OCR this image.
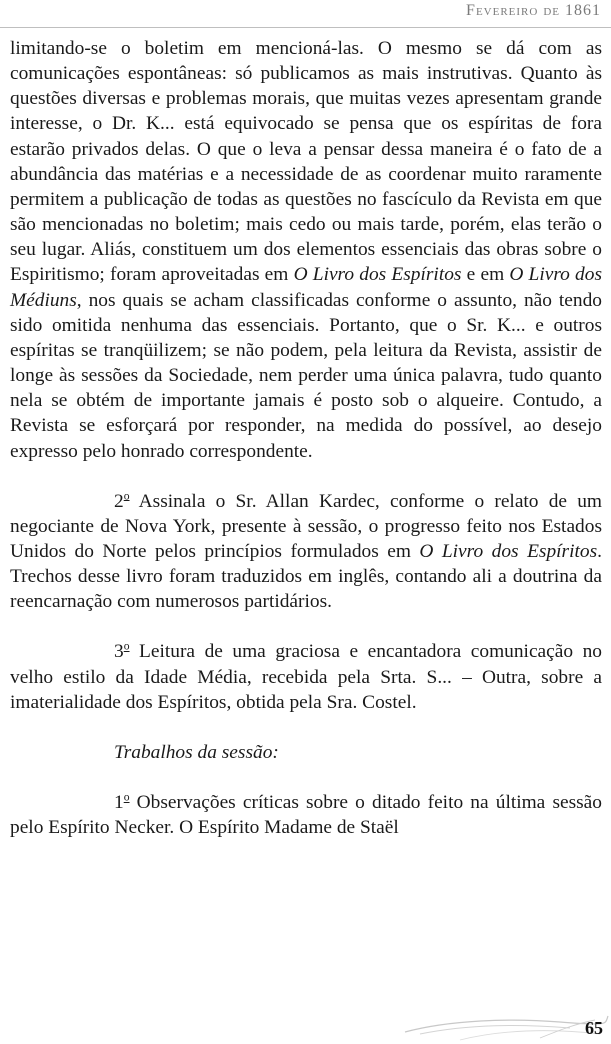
Fevereiro de 1861

limitando-se o boletim em mencioná-las. O mesmo se dá com as comunicações espontâneas: só publicamos as mais instrutivas. Quanto às questões diversas e problemas morais, que muitas vezes apresentam grande interesse, o Dr. K... está equivocado se pensa que os espíritas de fora estarão privados delas. O que o leva a pensar dessa maneira é o fato de a abundância das matérias e a necessidade de as coordenar muito raramente permitem a publicação de todas as questões no fascículo da Revista em que são mencionadas no boletim; mais cedo ou mais tarde, porém, elas terão o seu lugar. Aliás, constituem um dos elementos essenciais das obras sobre o Espiritismo; foram aproveitadas em O Livro dos Espíritos e em O Livro dos Médiuns, nos quais se acham classificadas conforme o assunto, não tendo sido omitida nenhuma das essenciais. Portanto, que o Sr. K... e outros espíritas se tranqüilizem; se não podem, pela leitura da Revista, assistir de longe às sessões da Sociedade, nem perder uma única palavra, tudo quanto nela se obtém de importante jamais é posto sob o alqueire. Contudo, a Revista se esforçará por responder, na medida do possível, ao desejo expresso pelo honrado correspondente.

2$^o$ Assinala o Sr. Allan Kardec, conforme o relato de um negociante de Nova York, presente à sessão, o progresso feito nos Estados Unidos do Norte pelos princípios formulados em O Livro dos Espíritos. Trechos desse livro foram traduzidos em inglês, contando ali a doutrina da reencarnação com numerosos partidários.

3$^o$ Leitura de uma graciosa e encantadora comunicação no velho estilo da Idade Média, recebida pela Srta. S... – Outra, sobre a imaterialidade dos Espíritos, obtida pela Sra. Costel.

Trabalhos da sessão:

1$^o$ Observações críticas sobre o ditado feito na última sessão pelo Espírito Necker. O Espírito Madame de Staël

65
